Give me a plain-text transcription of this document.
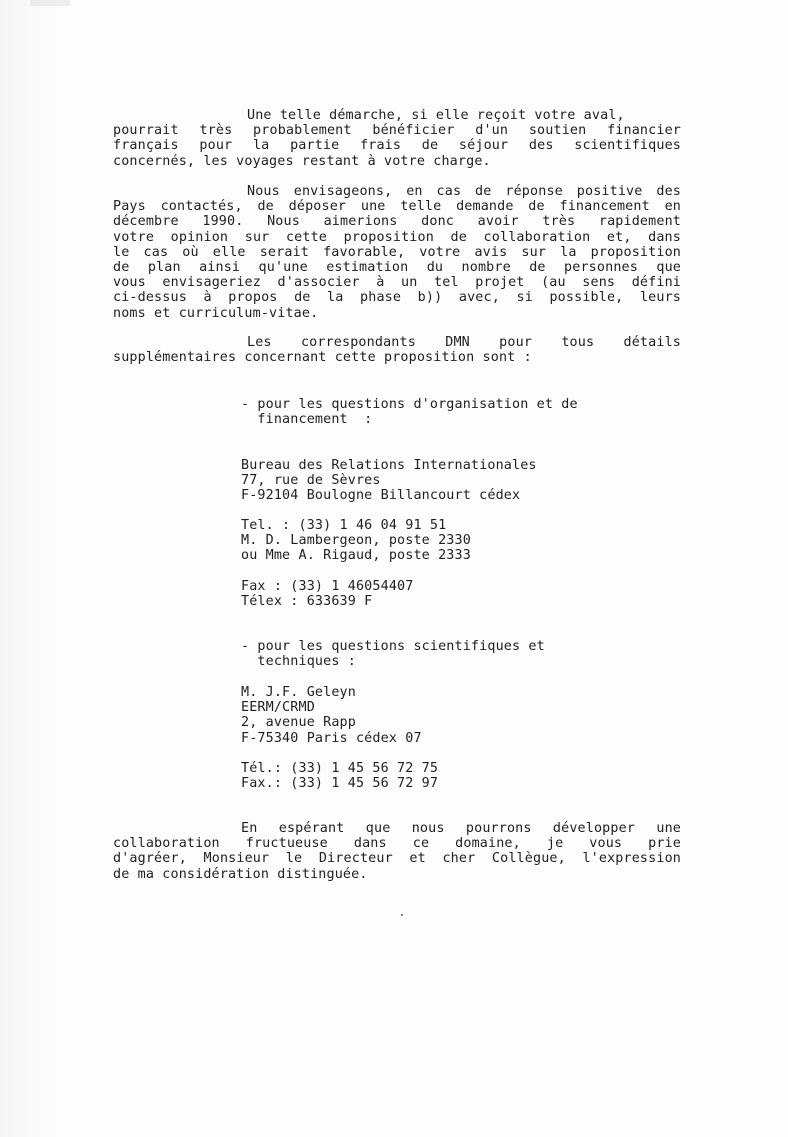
Une telle démarche, si elle reçoit votre aval,
pourrait très probablement bénéficier d'un soutien financier
français pour la partie frais de séjour des scientifiques
concernés, les voyages restant à votre charge.
Nous envisageons, en cas de réponse positive des
Pays contactés, de déposer une telle demande de financement en
décembre 1990. Nous aimerions donc avoir très rapidement
votre opinion sur cette proposition de collaboration et, dans
le cas où elle serait favorable, votre avis sur la proposition
de plan ainsi qu'une estimation du nombre de personnes que
vous envisageriez d'associer à un tel projet (au sens défini
ci-dessus à propos de la phase b)) avec, si possible, leurs
noms et curriculum-vitae.
Les correspondants DMN pour tous détails
supplémentaires concernant cette proposition sont :
- pour les questions d'organisation et de
financement  :
Bureau des Relations Internationales
77, rue de Sèvres
F-92104 Boulogne Billancourt cédex
Tel. : (33) 1 46 04 91 51
M. D. Lambergeon, poste 2330
ou Mme A. Rigaud, poste 2333
Fax : (33) 1 46054407
Télex : 633639 F
- pour les questions scientifiques et
techniques :
M. J.F. Geleyn
EERM/CRMD
2, avenue Rapp
F-75340 Paris cédex 07
Tél.: (33) 1 45 56 72 75
Fax.: (33) 1 45 56 72 97
En espérant que nous pourrons développer une
collaboration fructueuse dans ce domaine, je vous prie
d'agréer, Monsieur le Directeur et cher Collègue, l'expression
de ma considération distinguée.
